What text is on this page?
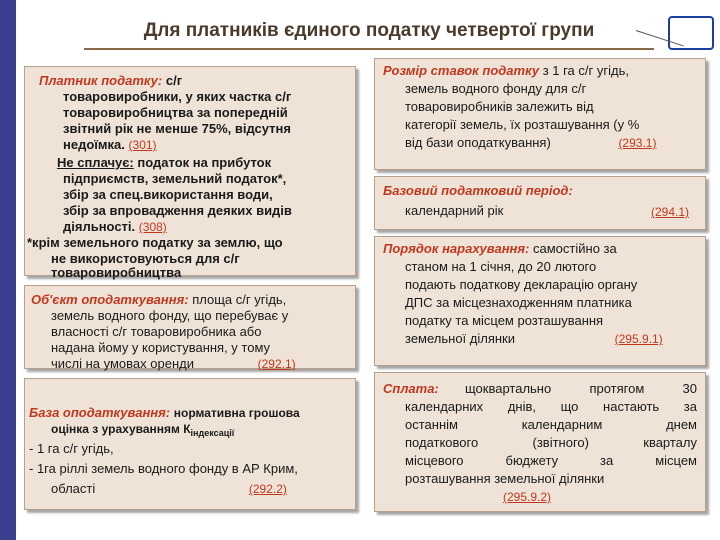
Для платників єдиного податку четвертої групи
Платник податку: с/г
товаровиробники, у яких частка с/г
товаровиробництва за попередній
звітний рік не менше 75%, відсутня
недоїмка. (301)
Не сплачує: податок на прибуток
підприємств, земельний податок*,
збір за спец.використання води,
збір за впровадження деяких видів
діяльності. (308)
*крім земельного податку за землю, що
не використовуються для с/г
товаровиробництва
Об'єкт оподаткування: площа с/г угідь,
земель водного фонду, що перебуває у
власності с/г товаровиробника або
надана йому у користування, у тому
числі на умовах оренди	(292.1)
База оподаткування: нормативна грошова
оцінка з урахуванням $К_{індексації}$
- 1 га с/г угідь,
- 1га ріллі земель водного фонду в АР Крим,
області	(292.2)
Розмір ставок податку з 1 га с/г угідь,
земель водного фонду для с/г
товаровиробників залежить від
категорії земель, їх розташування (у %
від бази оподаткування)	(293.1)
Базовий податковий період:
календарний рік	(294.1)
Порядок нарахування: самостійно за
станом на 1 січня, до 20 лютого
подають податкову декларацію органу
ДПС за місцезнаходженням платника
податку та місцем розташування
земельної ділянки	(295.9.1)
Сплата: щоквартально протягом 30
календарних днів, що настають за
останнім календарним днем
податкового (звітного) кварталу
місцевого бюджету за місцем
розташування земельної ділянки
(295.9.2)
